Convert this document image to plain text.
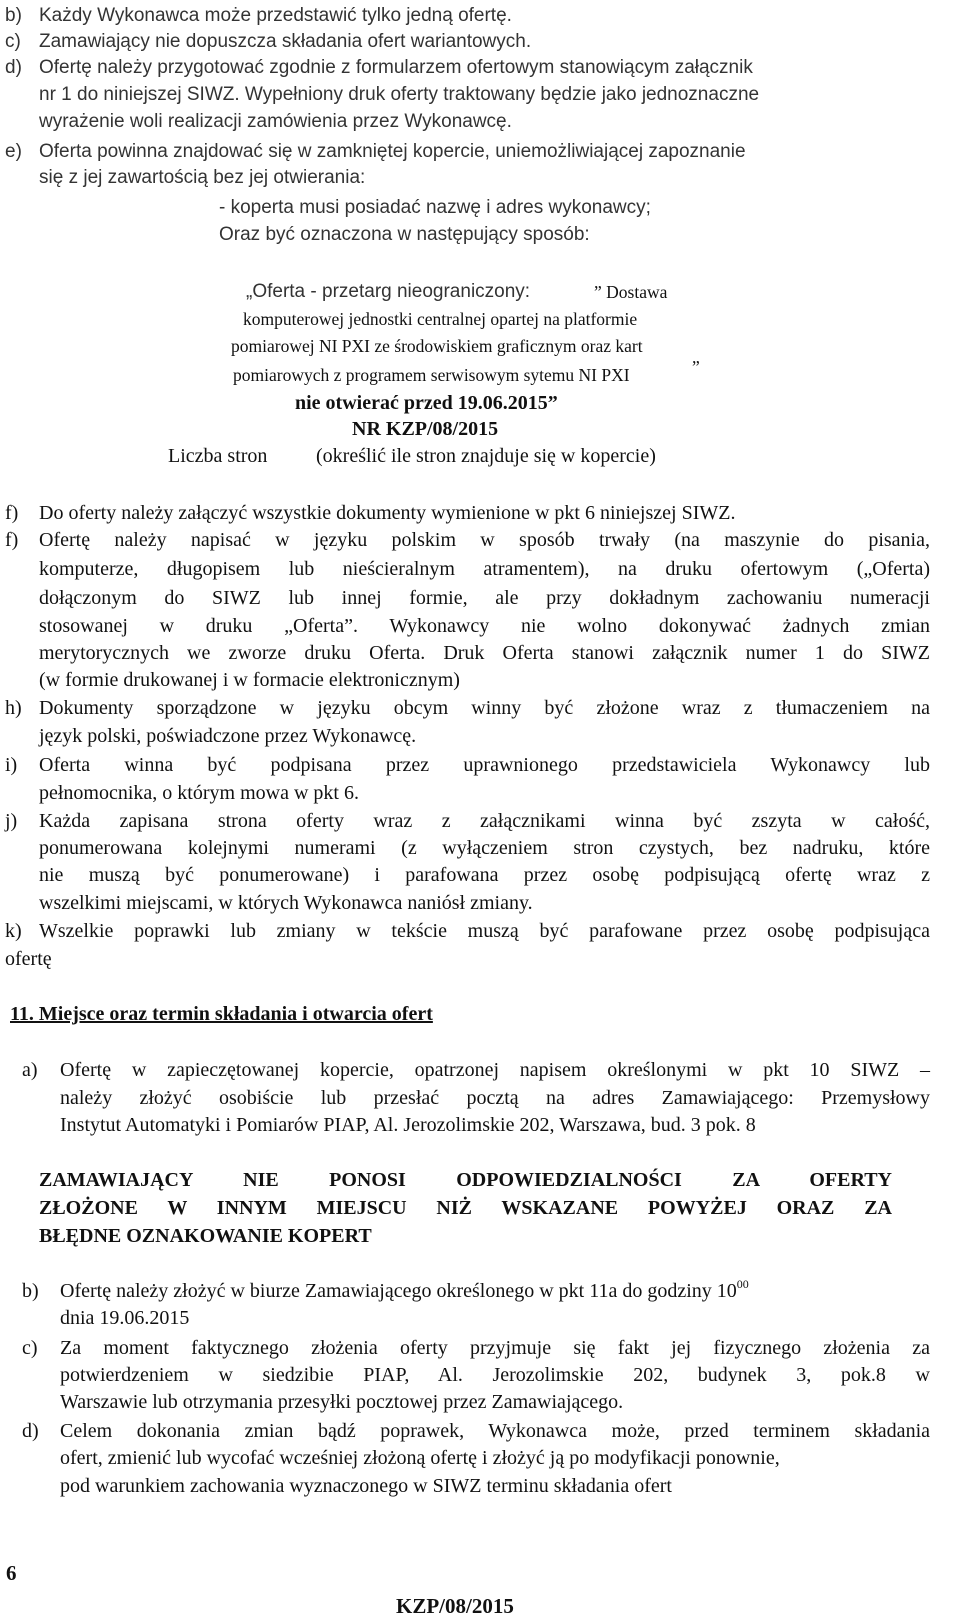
b) Każdy Wykonawca może przedstawić tylko jedną ofertę.
c) Zamawiający nie dopuszcza składania ofert wariantowych.
d) Ofertę należy przygotować zgodnie z formularzem ofertowym stanowiącym załącznik
nr 1 do niniejszej SIWZ. Wypełniony druk oferty traktowany będzie jako jednoznaczne
wyrażenie woli realizacji zamówienia przez Wykonawcę.
e) Oferta powinna znajdować się w zamkniętej kopercie, uniemożliwiającej zapoznanie
się z jej zawartością bez jej otwierania:
- koperta musi posiadać nazwę i adres wykonawcy;
Oraz być oznaczona w następujący sposób:
„Oferta - przetarg nieograniczony:	” Dostawa
komputerowej jednostki centralnej opartej na platformie
pomiarowej NI PXI ze środowiskiem graficznym oraz kart
pomiarowych z programem serwisowym sytemu NI PXI	”
nie otwierać przed 19.06.2015”
NR KZP/08/2015
Liczba stron (określić ile stron znajduje się w kopercie)
f) Do oferty należy załączyć wszystkie dokumenty wymienione w pkt 6 niniejszej SIWZ.
f) Ofertę należy napisać w języku polskim w sposób trwały (na maszynie do pisania,
komputerze, długopisem lub nieścieralnym atramentem), na druku ofertowym („Oferta)
dołączonym do SIWZ lub innej formie, ale przy dokładnym zachowaniu numeracji
stosowanej w druku „Oferta”. Wykonawcy nie wolno dokonywać żadnych zmian
merytorycznych we zworze druku Oferta. Druk Oferta stanowi załącznik numer 1 do SIWZ
(w formie drukowanej i w formacie elektronicznym)
h) Dokumenty sporządzone w języku obcym winny być złożone wraz z tłumaczeniem na
język polski, poświadczone przez Wykonawcę.
i) Oferta winna być podpisana przez uprawnionego przedstawiciela Wykonawcy lub
pełnomocnika, o którym mowa w pkt 6.
j) Każda zapisana strona oferty wraz z załącznikami winna być zszyta w całość,
ponumerowana kolejnymi numerami (z wyłączeniem stron czystych, bez nadruku, które
nie muszą być ponumerowane) i parafowana przez osobę podpisującą ofertę wraz z
wszelkimi miejscami, w których Wykonawca naniósł zmiany.
k) Wszelkie poprawki lub zmiany w tekście muszą być parafowane przez osobę podpisująca
ofertę
11. Miejsce oraz termin składania i otwarcia ofert
a) Ofertę w zapieczętowanej kopercie, opatrzonej napisem określonymi w pkt 10 SIWZ –
należy złożyć osobiście lub przesłać pocztą na adres Zamawiającego: Przemysłowy
Instytut Automatyki i Pomiarów PIAP, Al. Jerozolimskie 202, Warszawa, bud. 3 pok. 8
ZAMAWIAJĄCY NIE PONOSI ODPOWIEDZIALNOŚCI ZA OFERTY
ZŁOŻONE W INNYM MIEJSCU NIŻ WSKAZANE POWYŻEJ ORAZ ZA
BŁĘDNE OZNAKOWANIE KOPERT
b) Ofertę należy złożyć w biurze Zamawiającego określonego w pkt 11a do godziny $10^{00}$
dnia 19.06.2015
c) Za moment faktycznego złożenia oferty przyjmuje się fakt jej fizycznego złożenia za
potwierdzeniem w siedzibie PIAP, Al. Jerozolimskie 202, budynek 3, pok.8 w
Warszawie lub otrzymania przesyłki pocztowej przez Zamawiającego.
d) Celem dokonania zmian bądź poprawek, Wykonawca może, przed terminem składania
ofert, zmienić lub wycofać wcześniej złożoną ofertę i złożyć ją po modyfikacji ponownie,
pod warunkiem zachowania wyznaczonego w SIWZ terminu składania ofert
6
KZP/08/2015
